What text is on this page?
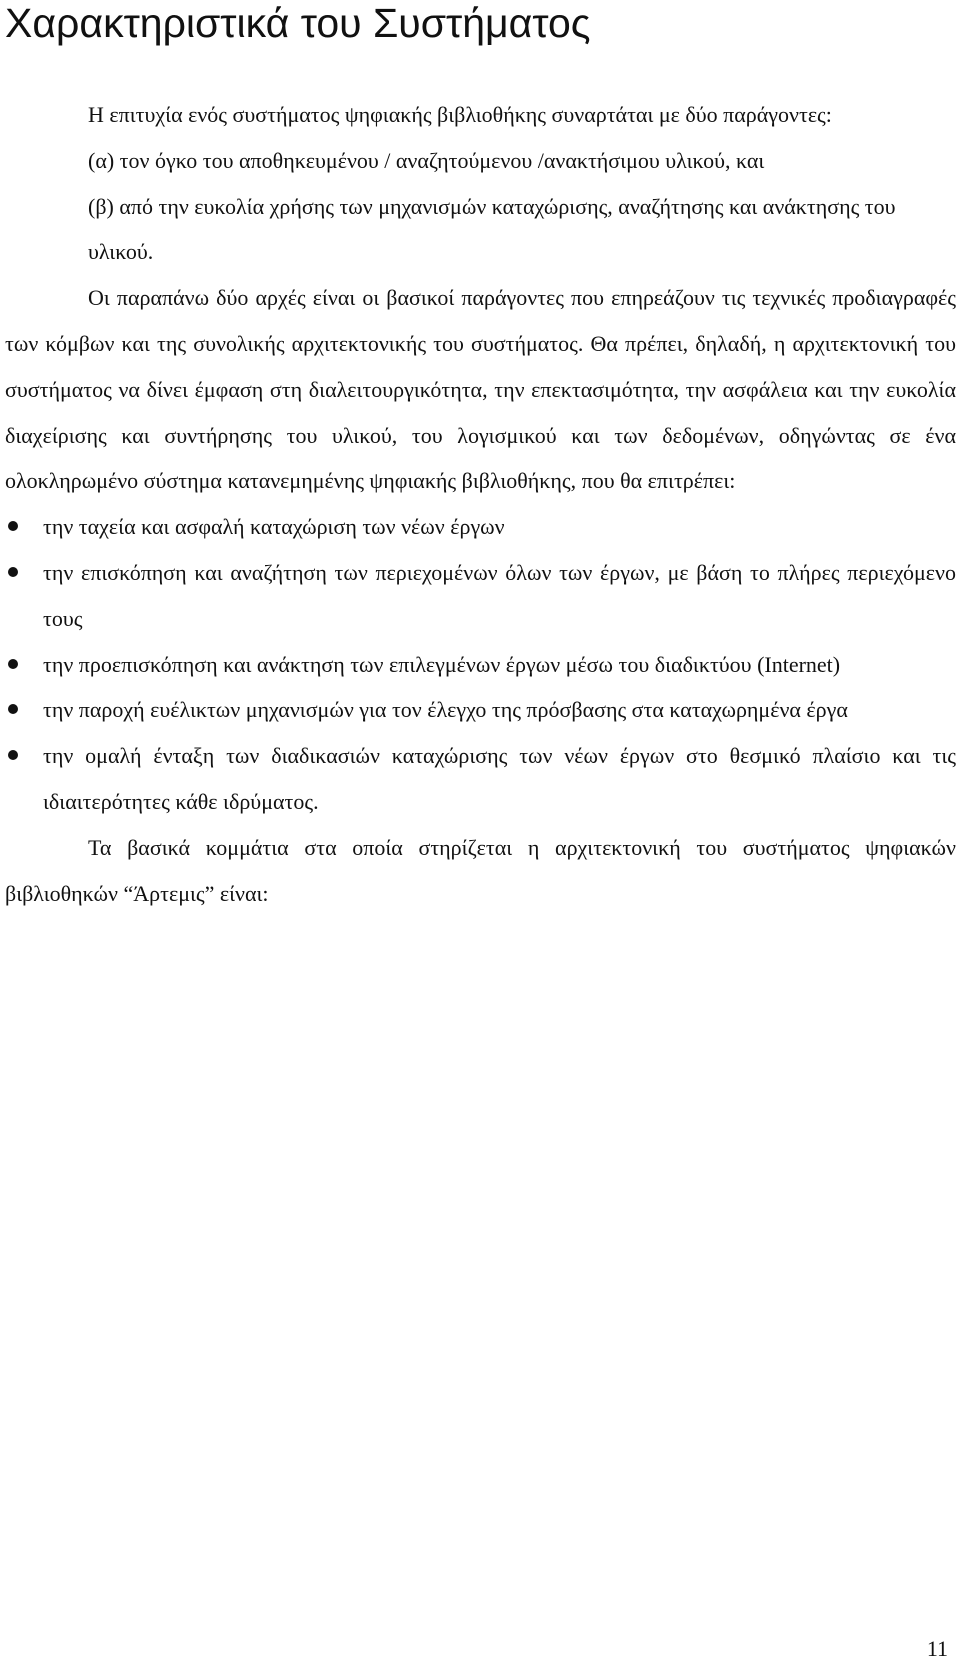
Χαρακτηριστικά του Συστήματος

Η επιτυχία ενός συστήματος ψηφιακής βιβλιοθήκης συναρτάται με δύο παράγοντες:

(α) τον όγκο του αποθηκευμένου / αναζητούμενου /ανακτήσιμου υλικού, και

(β) από την ευκολία χρήσης των μηχανισμών καταχώρισης, αναζήτησης και ανάκτησης του υλικού.

Οι παραπάνω δύο αρχές είναι οι βασικοί παράγοντες που επηρεάζουν τις τεχνικές προδιαγραφές των κόμβων και της συνολικής αρχιτεκτονικής του συστήματος. Θα πρέπει, δηλαδή, η αρχιτεκτονική του συστήματος να δίνει έμφαση στη διαλειτουργικότητα, την επεκτασιμότητα, την ασφάλεια και την ευκολία διαχείρισης και συντήρησης του υλικού, του λογισμικού και των δεδομένων, οδηγώντας σε ένα ολοκληρωμένο σύστημα κατανεμημένης ψηφιακής βιβλιοθήκης, που θα επιτρέπει:

την ταχεία και ασφαλή καταχώριση των νέων έργων
την επισκόπηση και αναζήτηση των περιεχομένων όλων των έργων, με βάση το πλήρες περιεχόμενο τους
την προεπισκόπηση και ανάκτηση των επιλεγμένων έργων μέσω του διαδικτύου (Internet)
την παροχή ευέλικτων μηχανισμών για τον έλεγχο της πρόσβασης στα καταχωρημένα έργα
την ομαλή ένταξη των διαδικασιών καταχώρισης των νέων έργων στο θεσμικό πλαίσιο και τις ιδιαιτερότητες κάθε ιδρύματος.

Τα βασικά κομμάτια στα οποία στηρίζεται η αρχιτεκτονική του συστήματος ψηφιακών βιβλιοθηκών “Άρτεμις” είναι:

11
